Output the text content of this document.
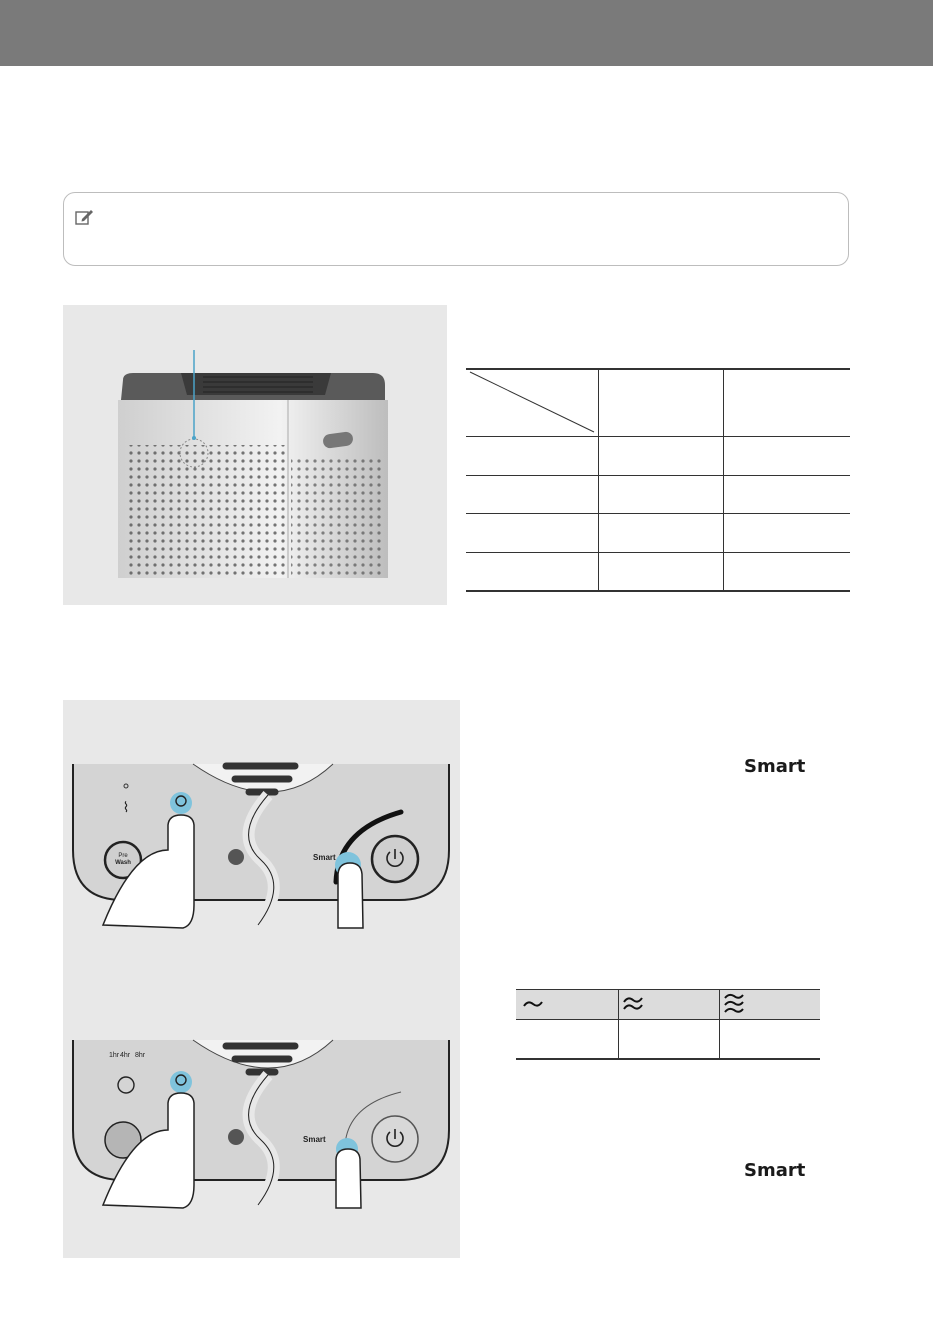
⌇
Pre
Wash
Smart
1hr 4hr 8hr
Smart
Smart
Smart
